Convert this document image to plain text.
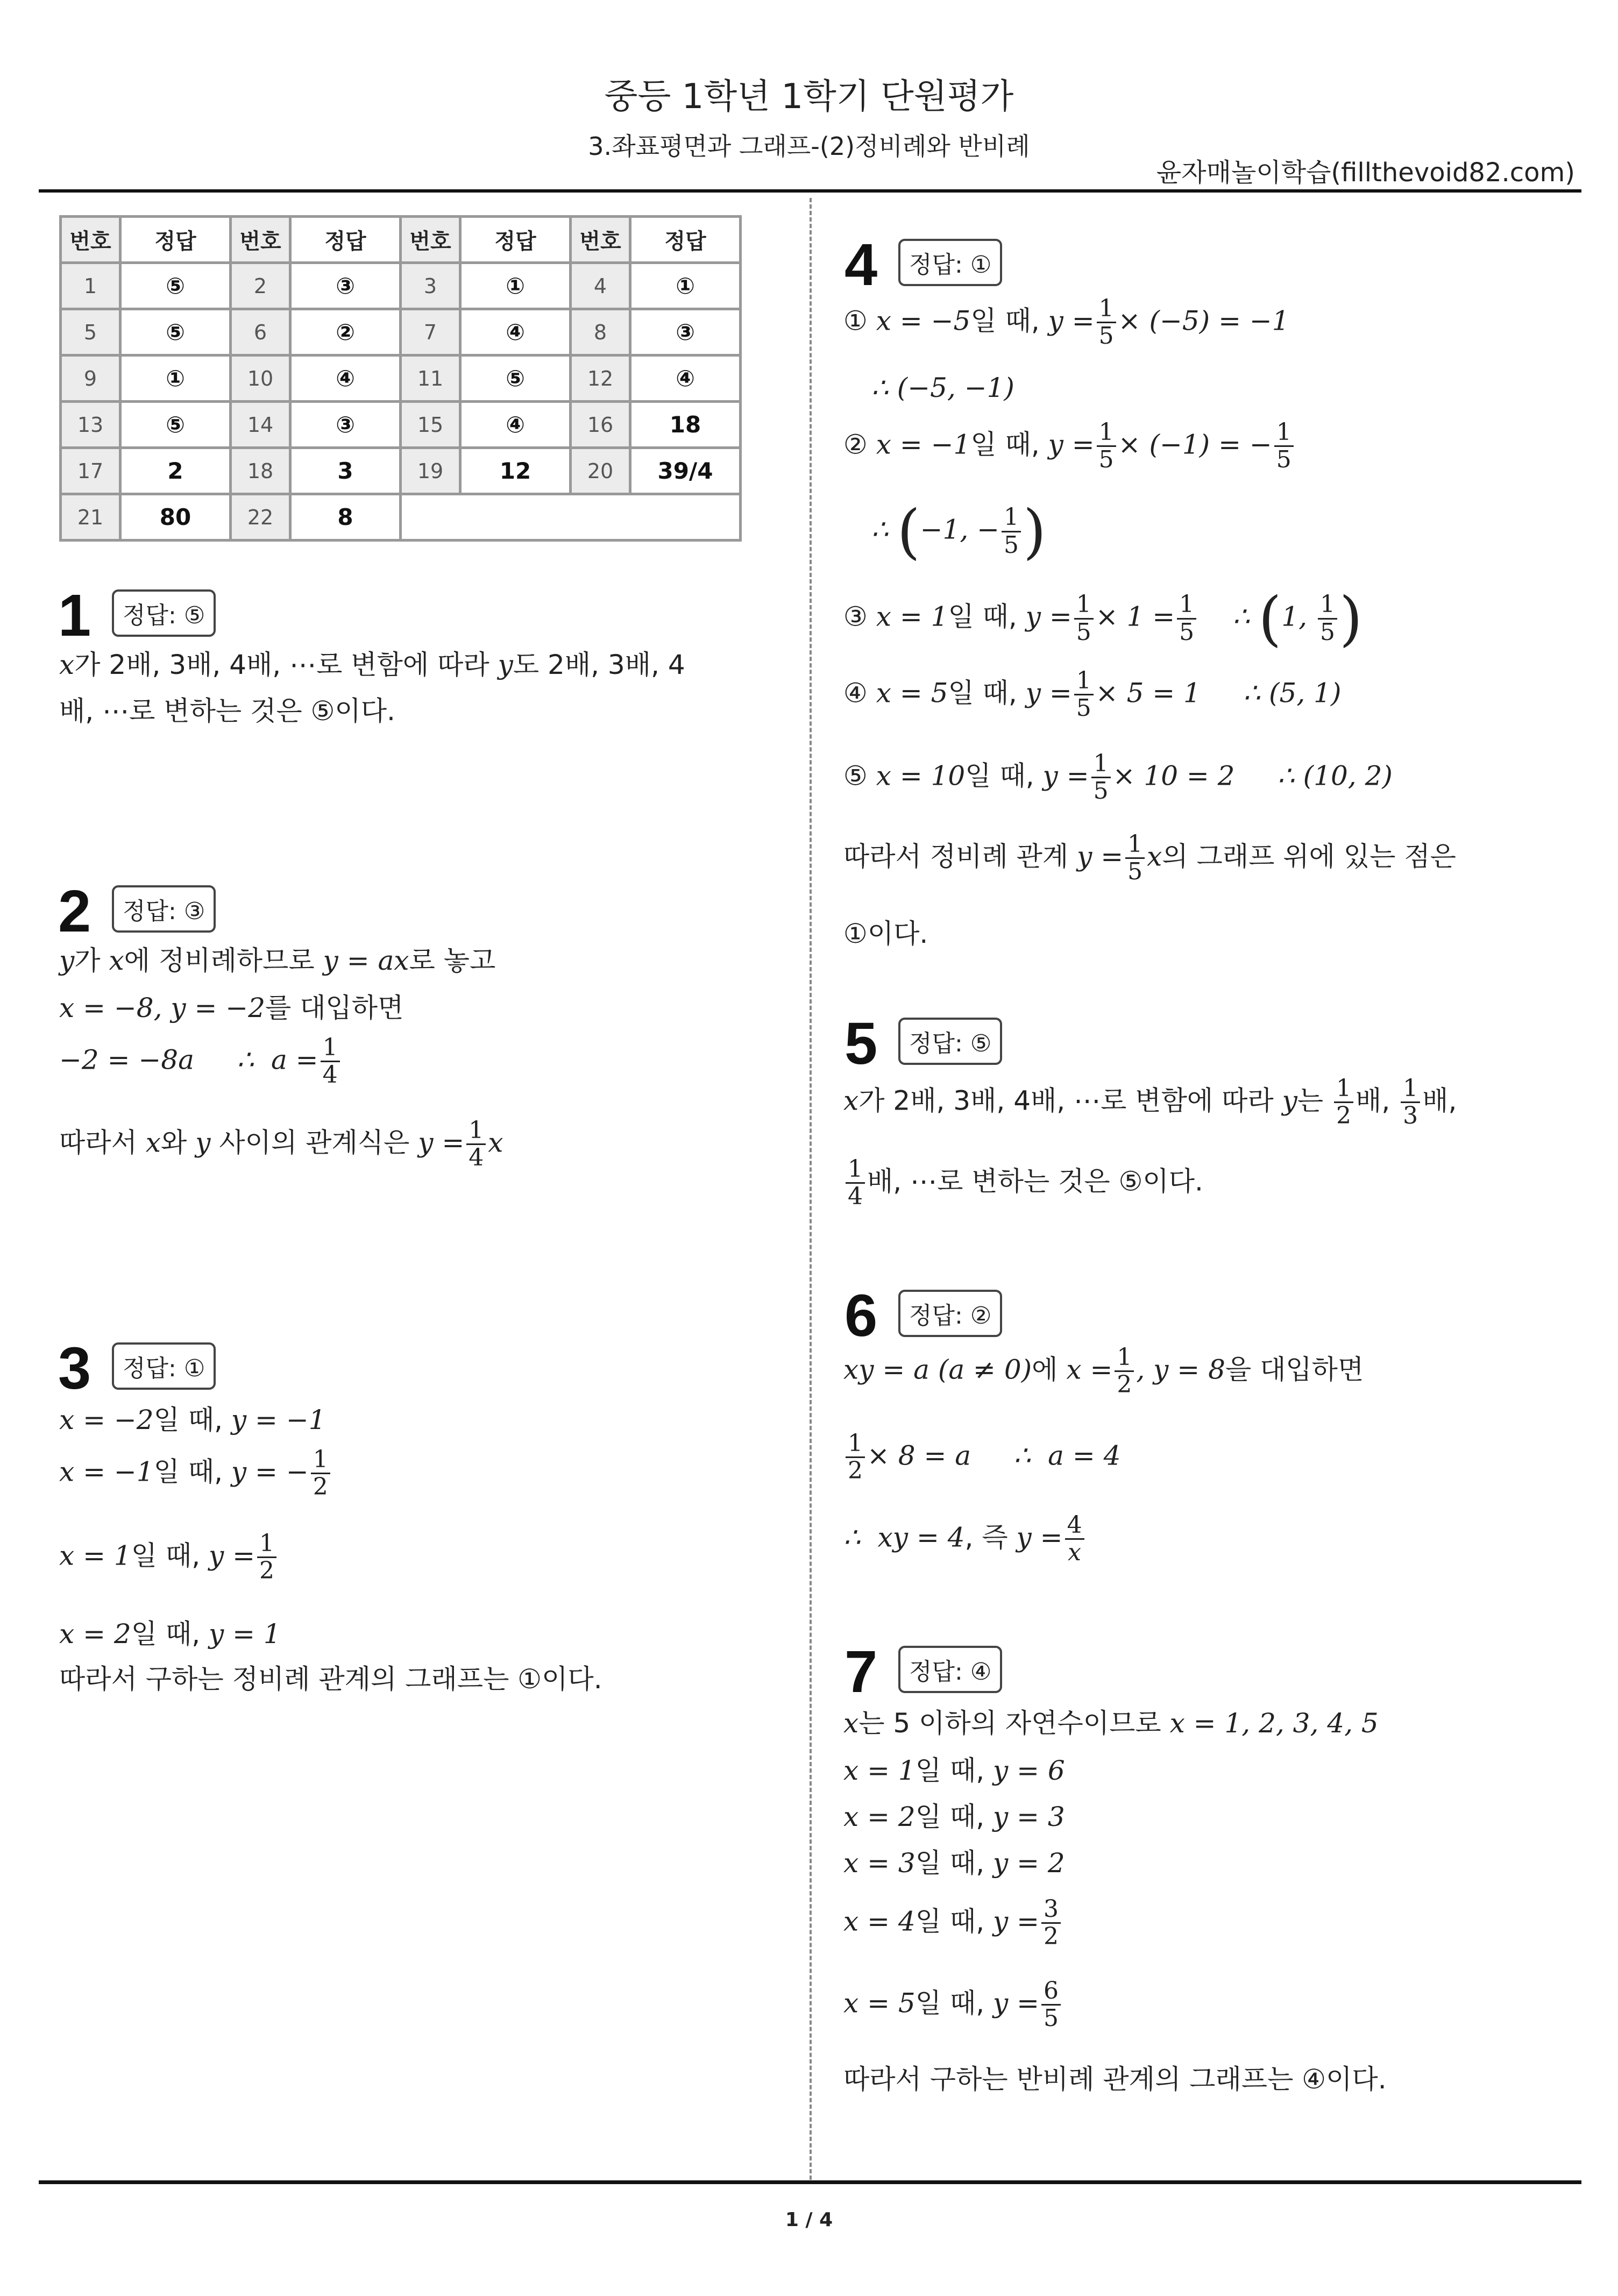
중등 1학년 1학기 단원평가
3.좌표평면과 그래프-(2)정비례와 반비례
윤자매놀이학습(fillthevoid82.com)
번호	정답	번호	정답	번호	정답	번호	정답
1	⑤	2	③	3	①	4	①
5	⑤	6	②	7	④	8	③
9	①	10	④	11	⑤	12	④
13	⑤	14	③	15	④	16	18
17	2	18	3	19	12	20	39/4
21	80	22	8				
1	정답: ⑤
x가 2배, 3배, 4배, ⋯로 변함에 따라 y도 2배, 3배, 4
배, ⋯로 변하는 것은 ⑤이다.
2	정답: ③
y가 x에 정비례하므로 y = ax로 놓고
x = −8, y = −2를 대입하면
−2 = −8a     ∴  $a = \frac{1}{4}$
따라서 x와 y 사이의 관계식은 $y = \frac{1}{4}$ x
3	정답: ①
x = −2일 때, y = −1
x = −1일 때, y = − $\frac{1}{2}$
x = 1일 때, $y = \frac{1}{2}$
x = 2일 때, y = 1
따라서 구하는 정비례 관계의 그래프는 ①이다.
4	정답: ①
① x = −5일 때, $y = \frac{1}{5} \times (-5) = -1$
∴ (−5, −1)
② x = −1일 때, $y = \frac{1}{5} \times (-1)$ = − $\frac{1}{5}$
∴ (−1, − $\frac{1}{5}$ )
③ x = 1일 때, $y = \frac{1}{5} \times 1 = \frac{1}{5}$ ∴ (1, $\frac{1}{5}$ )
④ x = 5일 때, $y = \frac{1}{5} \times 5 = 1$     ∴ (5, 1)
⑤ x = 10일 때, $y = \frac{1}{5} \times 10 = 2$     ∴ (10, 2)
따라서 정비례 관계 $y = \frac{1}{5}$ x의 그래프 위에 있는 점은
①이다.
5	정답: ⑤
x가 2배, 3배, 4배, ⋯로 변함에 따라 y는 $\frac{1}{2}$ 배, $\frac{1}{3}$ 배,
$\frac{1}{4}$ 배, ⋯로 변하는 것은 ⑤이다.
6	정답: ②
xy = a (a ≠ 0)에 $x = \frac{1}{2}$ , y = 8을 대입하면
$\frac{1}{2} \times 8 = a$     ∴  a = 4
∴  xy = 4, 즉 $y = \frac{4}{x}$
7	정답: ④
x는 5 이하의 자연수이므로 x = 1, 2, 3, 4, 5
x = 1일 때, y = 6
x = 2일 때, y = 3
x = 3일 때, y = 2
x = 4일 때, $y = \frac{3}{2}$
x = 5일 때, $y = \frac{6}{5}$
따라서 구하는 반비례 관계의 그래프는 ④이다.
1 / 4
